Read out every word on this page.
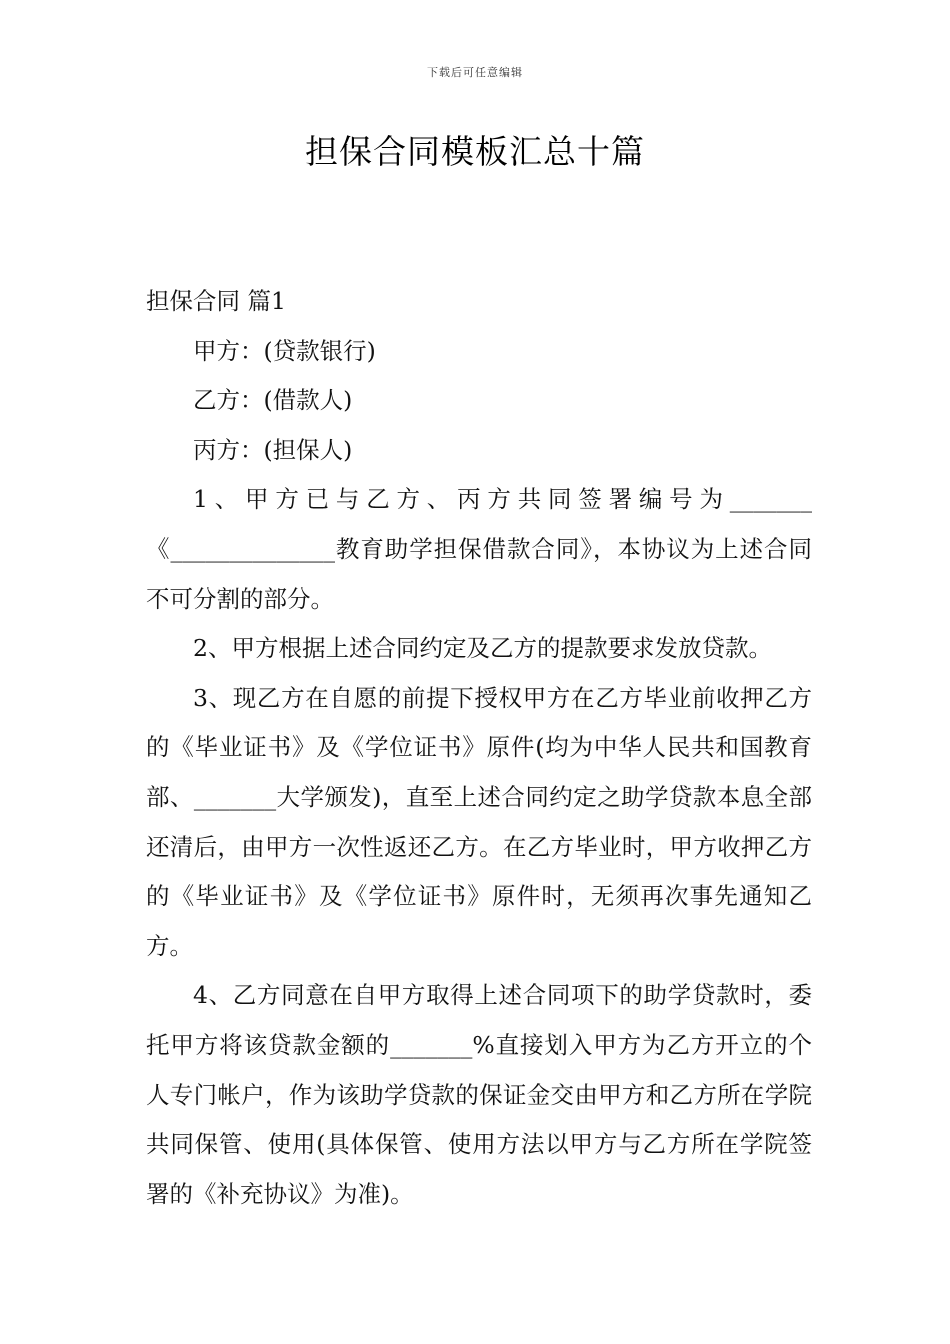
下载后可任意编辑
担保合同模板汇总十篇

担保合同 篇1

甲方：(贷款银行)

乙方：(借款人)

丙方：(担保人)

1、甲方已与乙方、丙方共同签署编号为_______《______________教育助学担保借款合同》，本协议为上述合同不可分割的部分。

2、甲方根据上述合同约定及乙方的提款要求发放贷款。

3、现乙方在自愿的前提下授权甲方在乙方毕业前收押乙方的《毕业证书》及《学位证书》原件(均为中华人民共和国教育部、_______大学颁发)，直至上述合同约定之助学贷款本息全部还清后，由甲方一次性返还乙方。在乙方毕业时，甲方收押乙方的《毕业证书》及《学位证书》原件时，无须再次事先通知乙方。

4、乙方同意在自甲方取得上述合同项下的助学贷款时，委托甲方将该贷款金额的_______%直接划入甲方为乙方开立的个人专门帐户，作为该助学贷款的保证金交由甲方和乙方所在学院共同保管、使用(具体保管、使用方法以甲方与乙方所在学院签署的《补充协议》为准)。
